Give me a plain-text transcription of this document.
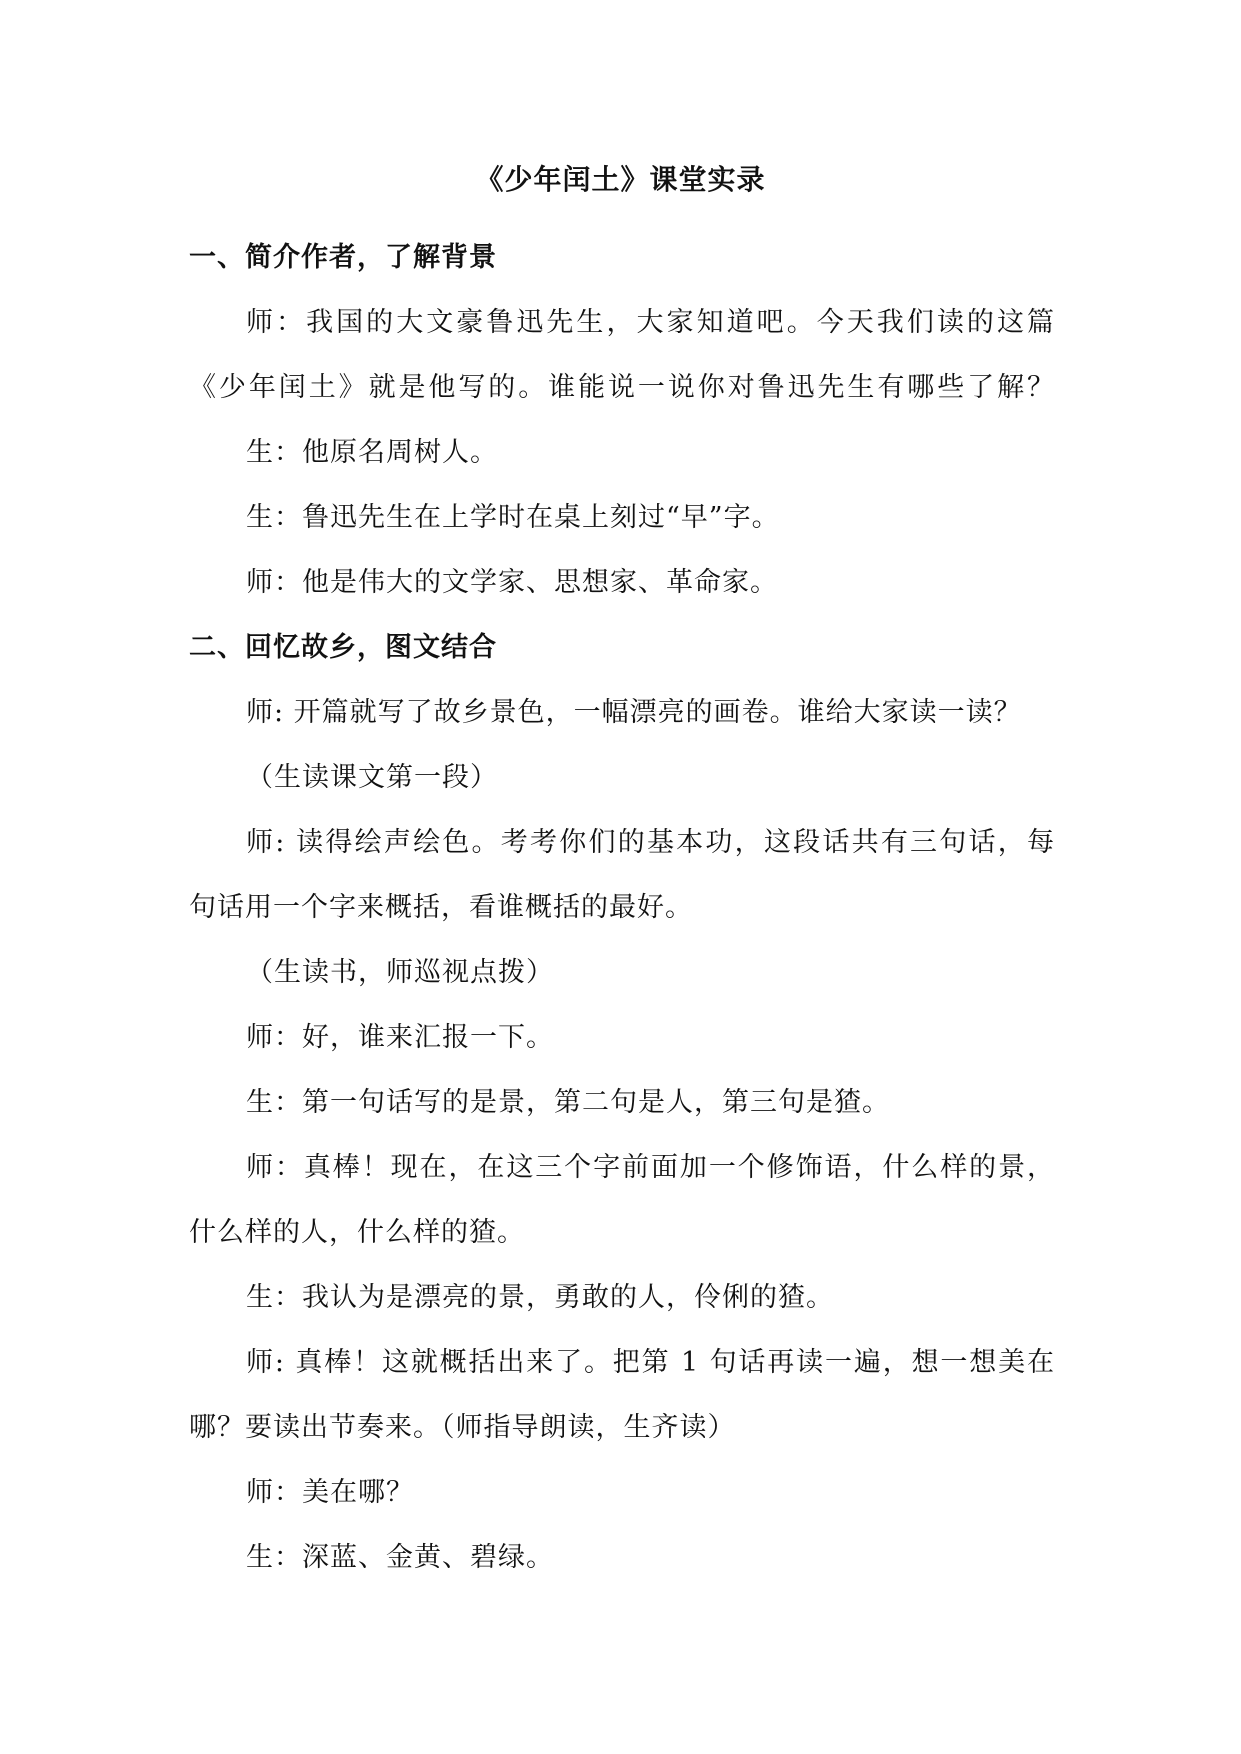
《少年闰土》课堂实录
一、简介作者，了解背景
师：我国的大文豪鲁迅先生，大家知道吧。今天我们读的这篇
《少年闰土》就是他写的。谁能说一说你对鲁迅先生有哪些了解？
生：他原名周树人。
生：鲁迅先生在上学时在桌上刻过“早”字。
师：他是伟大的文学家、思想家、革命家。
二、回忆故乡，图文结合
师: 开篇就写了故乡景色，一幅漂亮的画卷。谁给大家读一读？
（生读课文第一段）
师: 读得绘声绘色。考考你们的基本功，这段话共有三句话，每
句话用一个字来概括，看谁概括的最好。
（生读书，师巡视点拨）
师：好，谁来汇报一下。
生：第一句话写的是景，第二句是人，第三句是猹。
师：真棒！现在，在这三个字前面加一个修饰语，什么样的景，
什么样的人，什么样的猹。
生：我认为是漂亮的景，勇敢的人，伶俐的猹。
师: 真棒！这就概括出来了。把第 1 句话再读一遍，想一想美在
哪？要读出节奏来。（师指导朗读，生齐读）
师：美在哪？
生：深蓝、金黄、碧绿。
